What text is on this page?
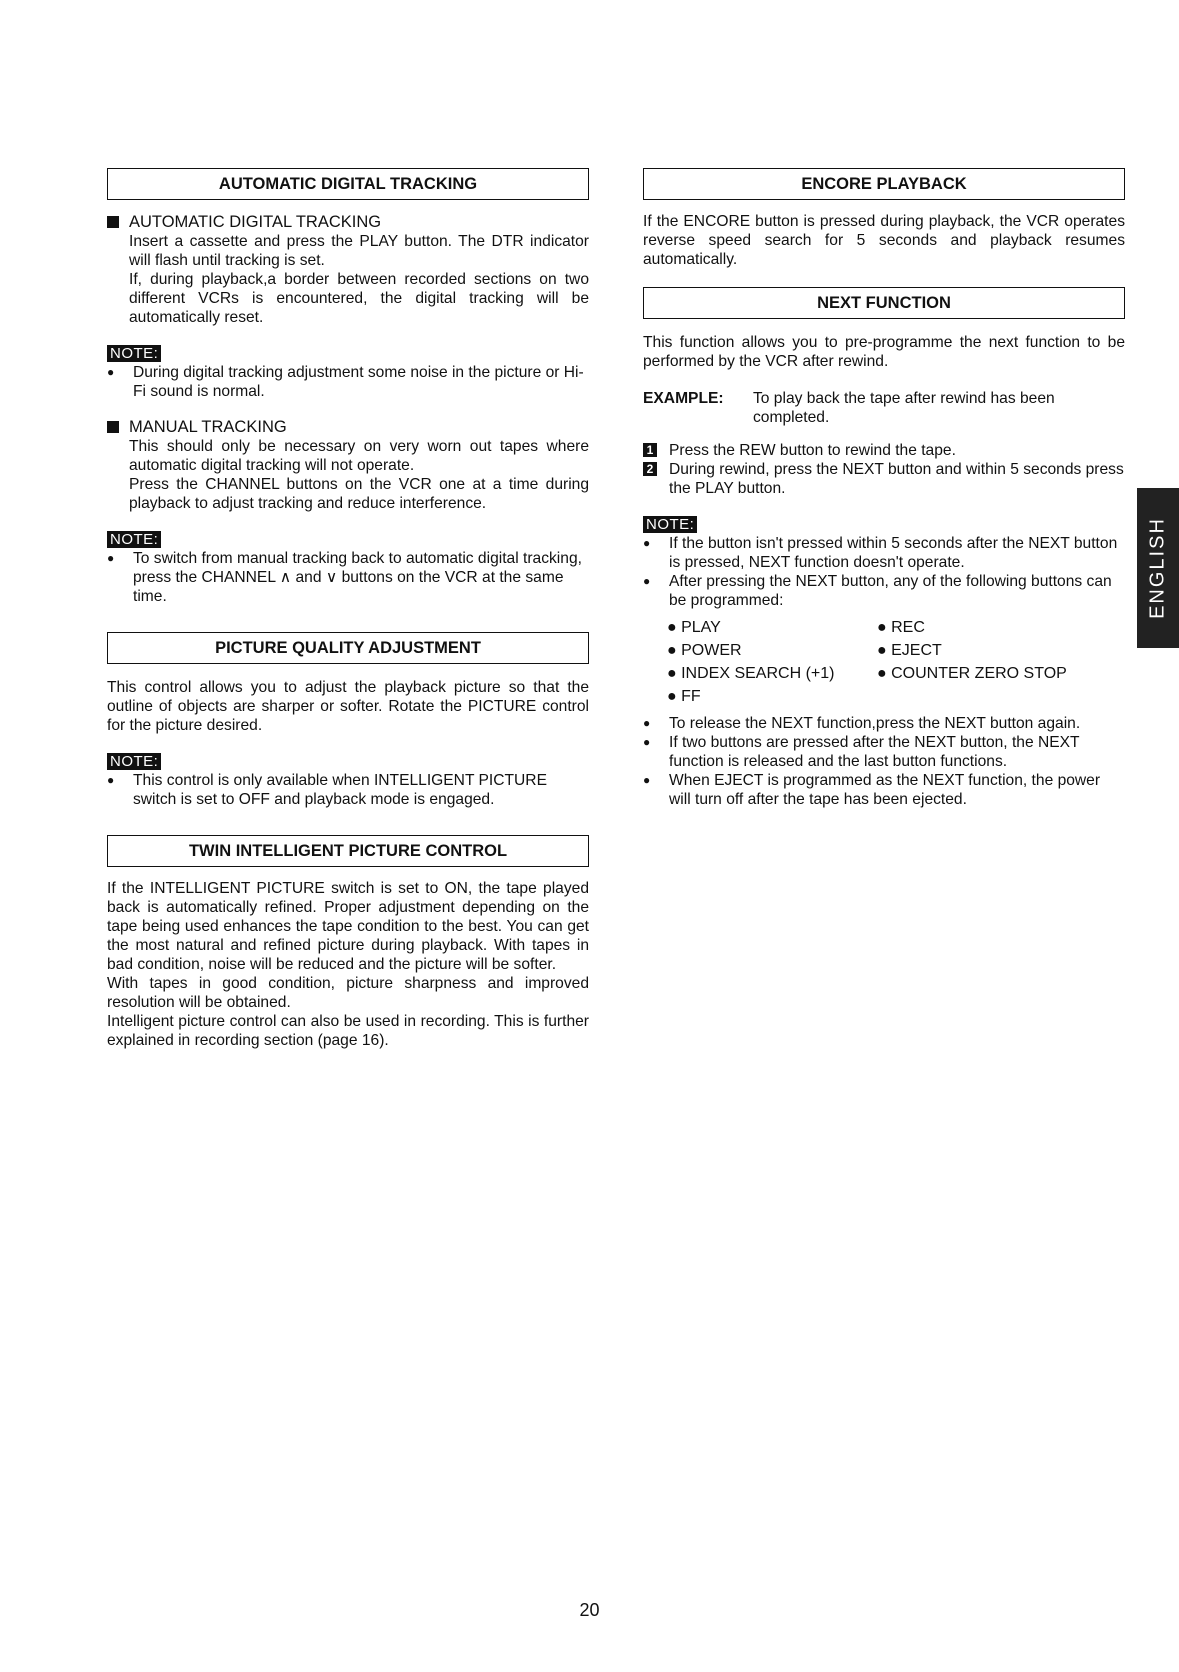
AUTOMATIC DIGITAL TRACKING
AUTOMATIC DIGITAL TRACKING

Insert a cassette and press the PLAY button. The DTR indicator will flash until tracking is set.

If, during playback,a border between recorded sections on two different VCRs is encountered, the digital tracking will be automatically reset.

NOTE:
●	During digital tracking adjustment some noise in the picture or Hi-Fi sound is normal.
MANUAL TRACKING

This should only be necessary on very worn out tapes where automatic digital tracking will not operate.

Press the CHANNEL buttons on the VCR one at a time during playback to adjust tracking and reduce interference.

NOTE:
●	To switch from manual tracking back to automatic digital tracking, press the CHANNEL ∧ and ∨ buttons on the VCR at the same time.
PICTURE QUALITY ADJUSTMENT

This control allows you to adjust the playback picture so that the outline of objects are sharper or softer. Rotate the PICTURE control for the picture desired.

NOTE:
●	This control is only available when INTELLIGENT PICTURE switch is set to OFF and playback mode is engaged.
TWIN INTELLIGENT PICTURE CONTROL

If the INTELLIGENT PICTURE switch is set to ON, the tape played back is automatically refined. Proper adjustment depending on the tape being used enhances the tape condition to the best. You can get the most natural and refined picture during playback. With tapes in bad condition, noise will be reduced and the picture will be softer.

With tapes in good condition, picture sharpness and improved resolution will be obtained.

Intelligent picture control can also be used in recording. This is further explained in recording section (page 16).

ENCORE PLAYBACK

If the ENCORE button is pressed during playback, the VCR operates reverse speed search for 5 seconds and playback resumes automatically.

NEXT FUNCTION

This function allows you to pre-programme the next function to be performed by the VCR after rewind.

EXAMPLE:	To play back the tape after rewind has been completed.
1 Press the REW button to rewind the tape.
2 During rewind, press the NEXT button and within 5 seconds press the PLAY button.
NOTE:
●	If the button isn't pressed within 5 seconds after the NEXT button is pressed, NEXT function doesn't operate.
●	After pressing the NEXT button, any of the following buttons can be programmed:
● PLAY	● REC
● POWER	● EJECT
● INDEX SEARCH (+1)	● COUNTER ZERO STOP
● FF
●	To release the NEXT function,press the NEXT button again.
●	If two buttons are pressed after the NEXT button, the NEXT function is released and the last button functions.
●	When EJECT is programmed as the NEXT function, the power will turn off after the tape has been ejected.
ENGLISH
20
